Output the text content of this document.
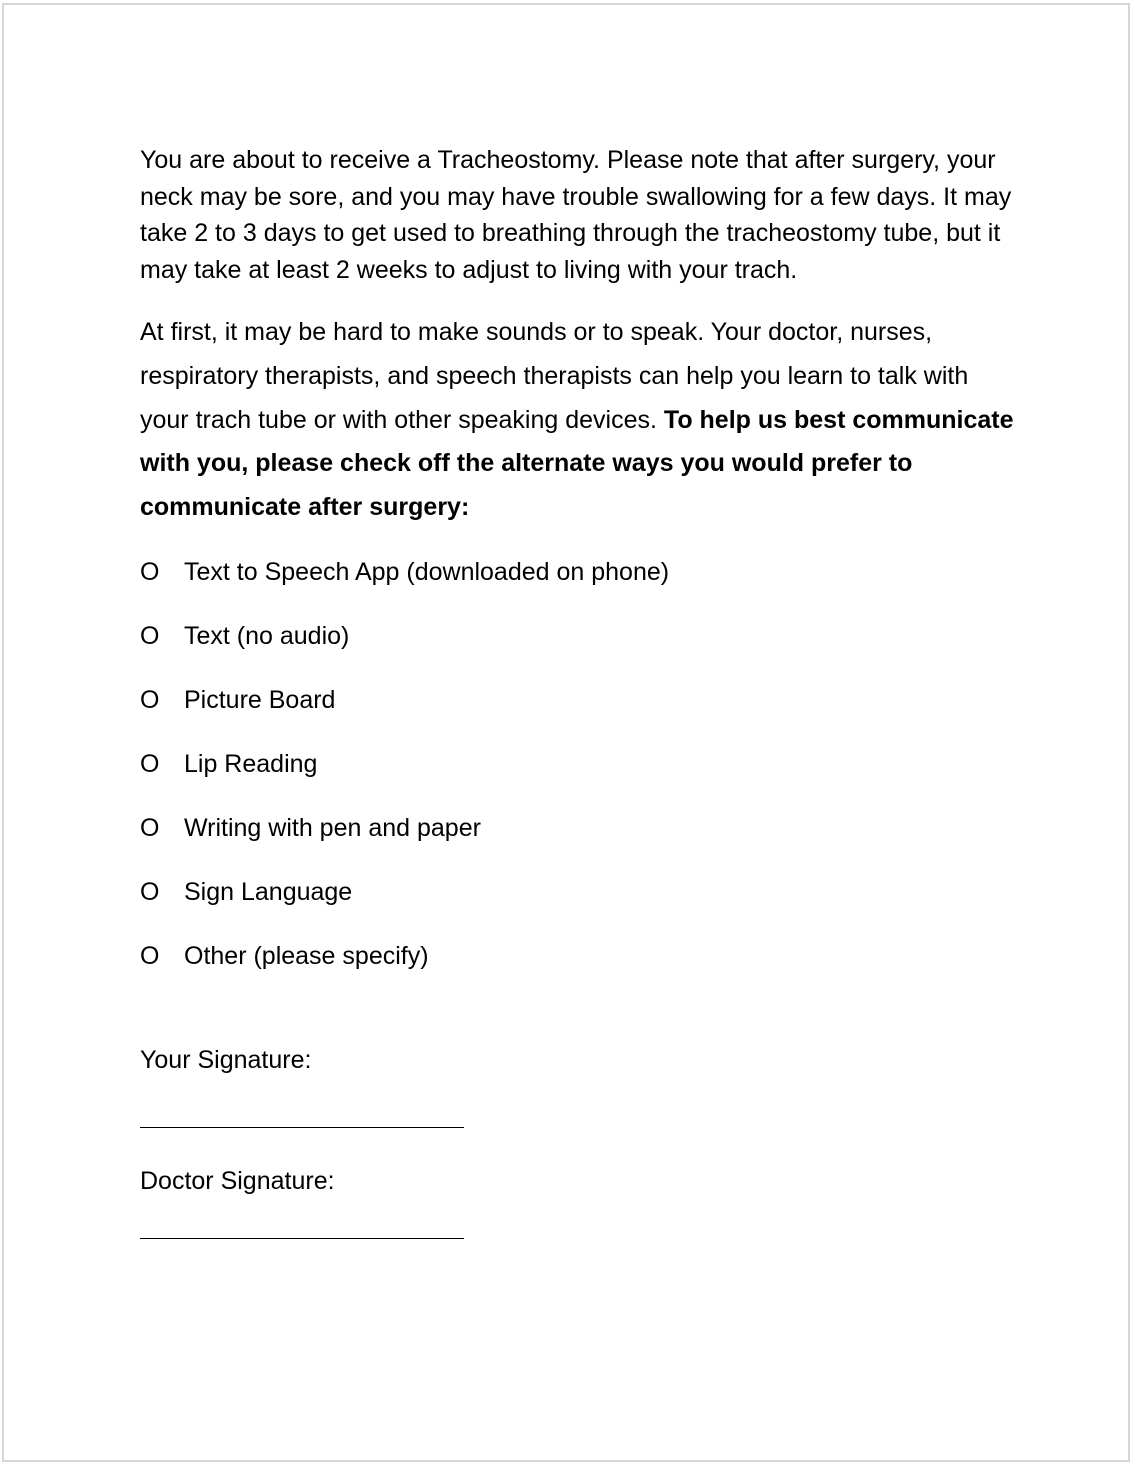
You are about to receive a Tracheostomy. Please note that after surgery, your neck may be sore, and you may have trouble swallowing for a few days. It may take 2 to 3 days to get used to breathing through the tracheostomy tube, but it may take at least 2 weeks to adjust to living with your trach.

At first, it may be hard to make sounds or to speak. Your doctor, nurses, respiratory therapists, and speech therapists can help you learn to talk with your trach tube or with other speaking devices. To help us best communicate with you, please check off the alternate ways you would prefer to communicate after surgery:

O Text to Speech App (downloaded on phone)
O Text (no audio)
O Picture Board
O Lip Reading
O Writing with pen and paper
O Sign Language
O Other (please specify)
Your Signature:
Doctor Signature:
